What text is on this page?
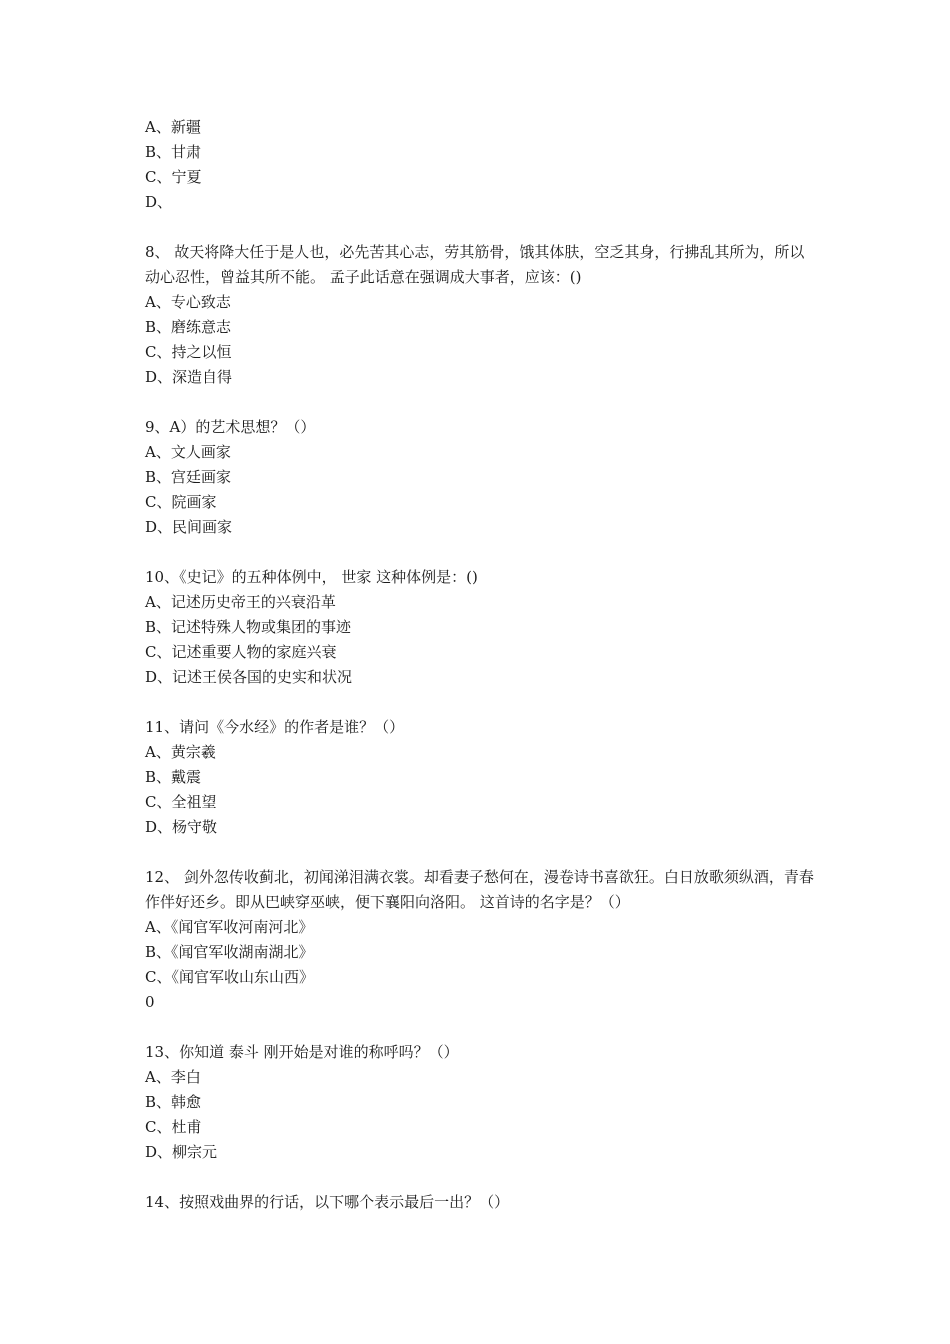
A、新疆
B、甘肃
C、宁夏
D、
8、 故天将降大任于是人也，必先苦其心志，劳其筋骨，饿其体肤，空乏其身，行拂乱其所为，所以动心忍性，曾益其所不能。 孟子此话意在强调成大事者，应该：()
A、专心致志
B、磨练意志
C、持之以恒
D、深造自得
9、A）的艺术思想？（）
A、文人画家
B、宫廷画家
C、院画家
D、民间画家
10、《史记》的五种体例中， 世家 这种体例是：()
A、记述历史帝王的兴衰沿革
B、记述特殊人物或集团的事迹
C、记述重要人物的家庭兴衰
D、记述王侯各国的史实和状况
11、请问《今水经》的作者是谁？（）
A、黄宗羲
B、戴震
C、全祖望
D、杨守敬
12、 剑外忽传收蓟北，初闻涕泪满衣裳。却看妻子愁何在，漫卷诗书喜欲狂。白日放歌须纵酒，青春作伴好还乡。即从巴峡穿巫峡，便下襄阳向洛阳。 这首诗的名字是？（）
A、《闻官军收河南河北》
B、《闻官军收湖南湖北》
C、《闻官军收山东山西》
0
13、你知道 泰斗 刚开始是对谁的称呼吗？（）
A、李白
B、韩愈
C、杜甫
D、柳宗元
14、按照戏曲界的行话，以下哪个表示最后一出？（）
